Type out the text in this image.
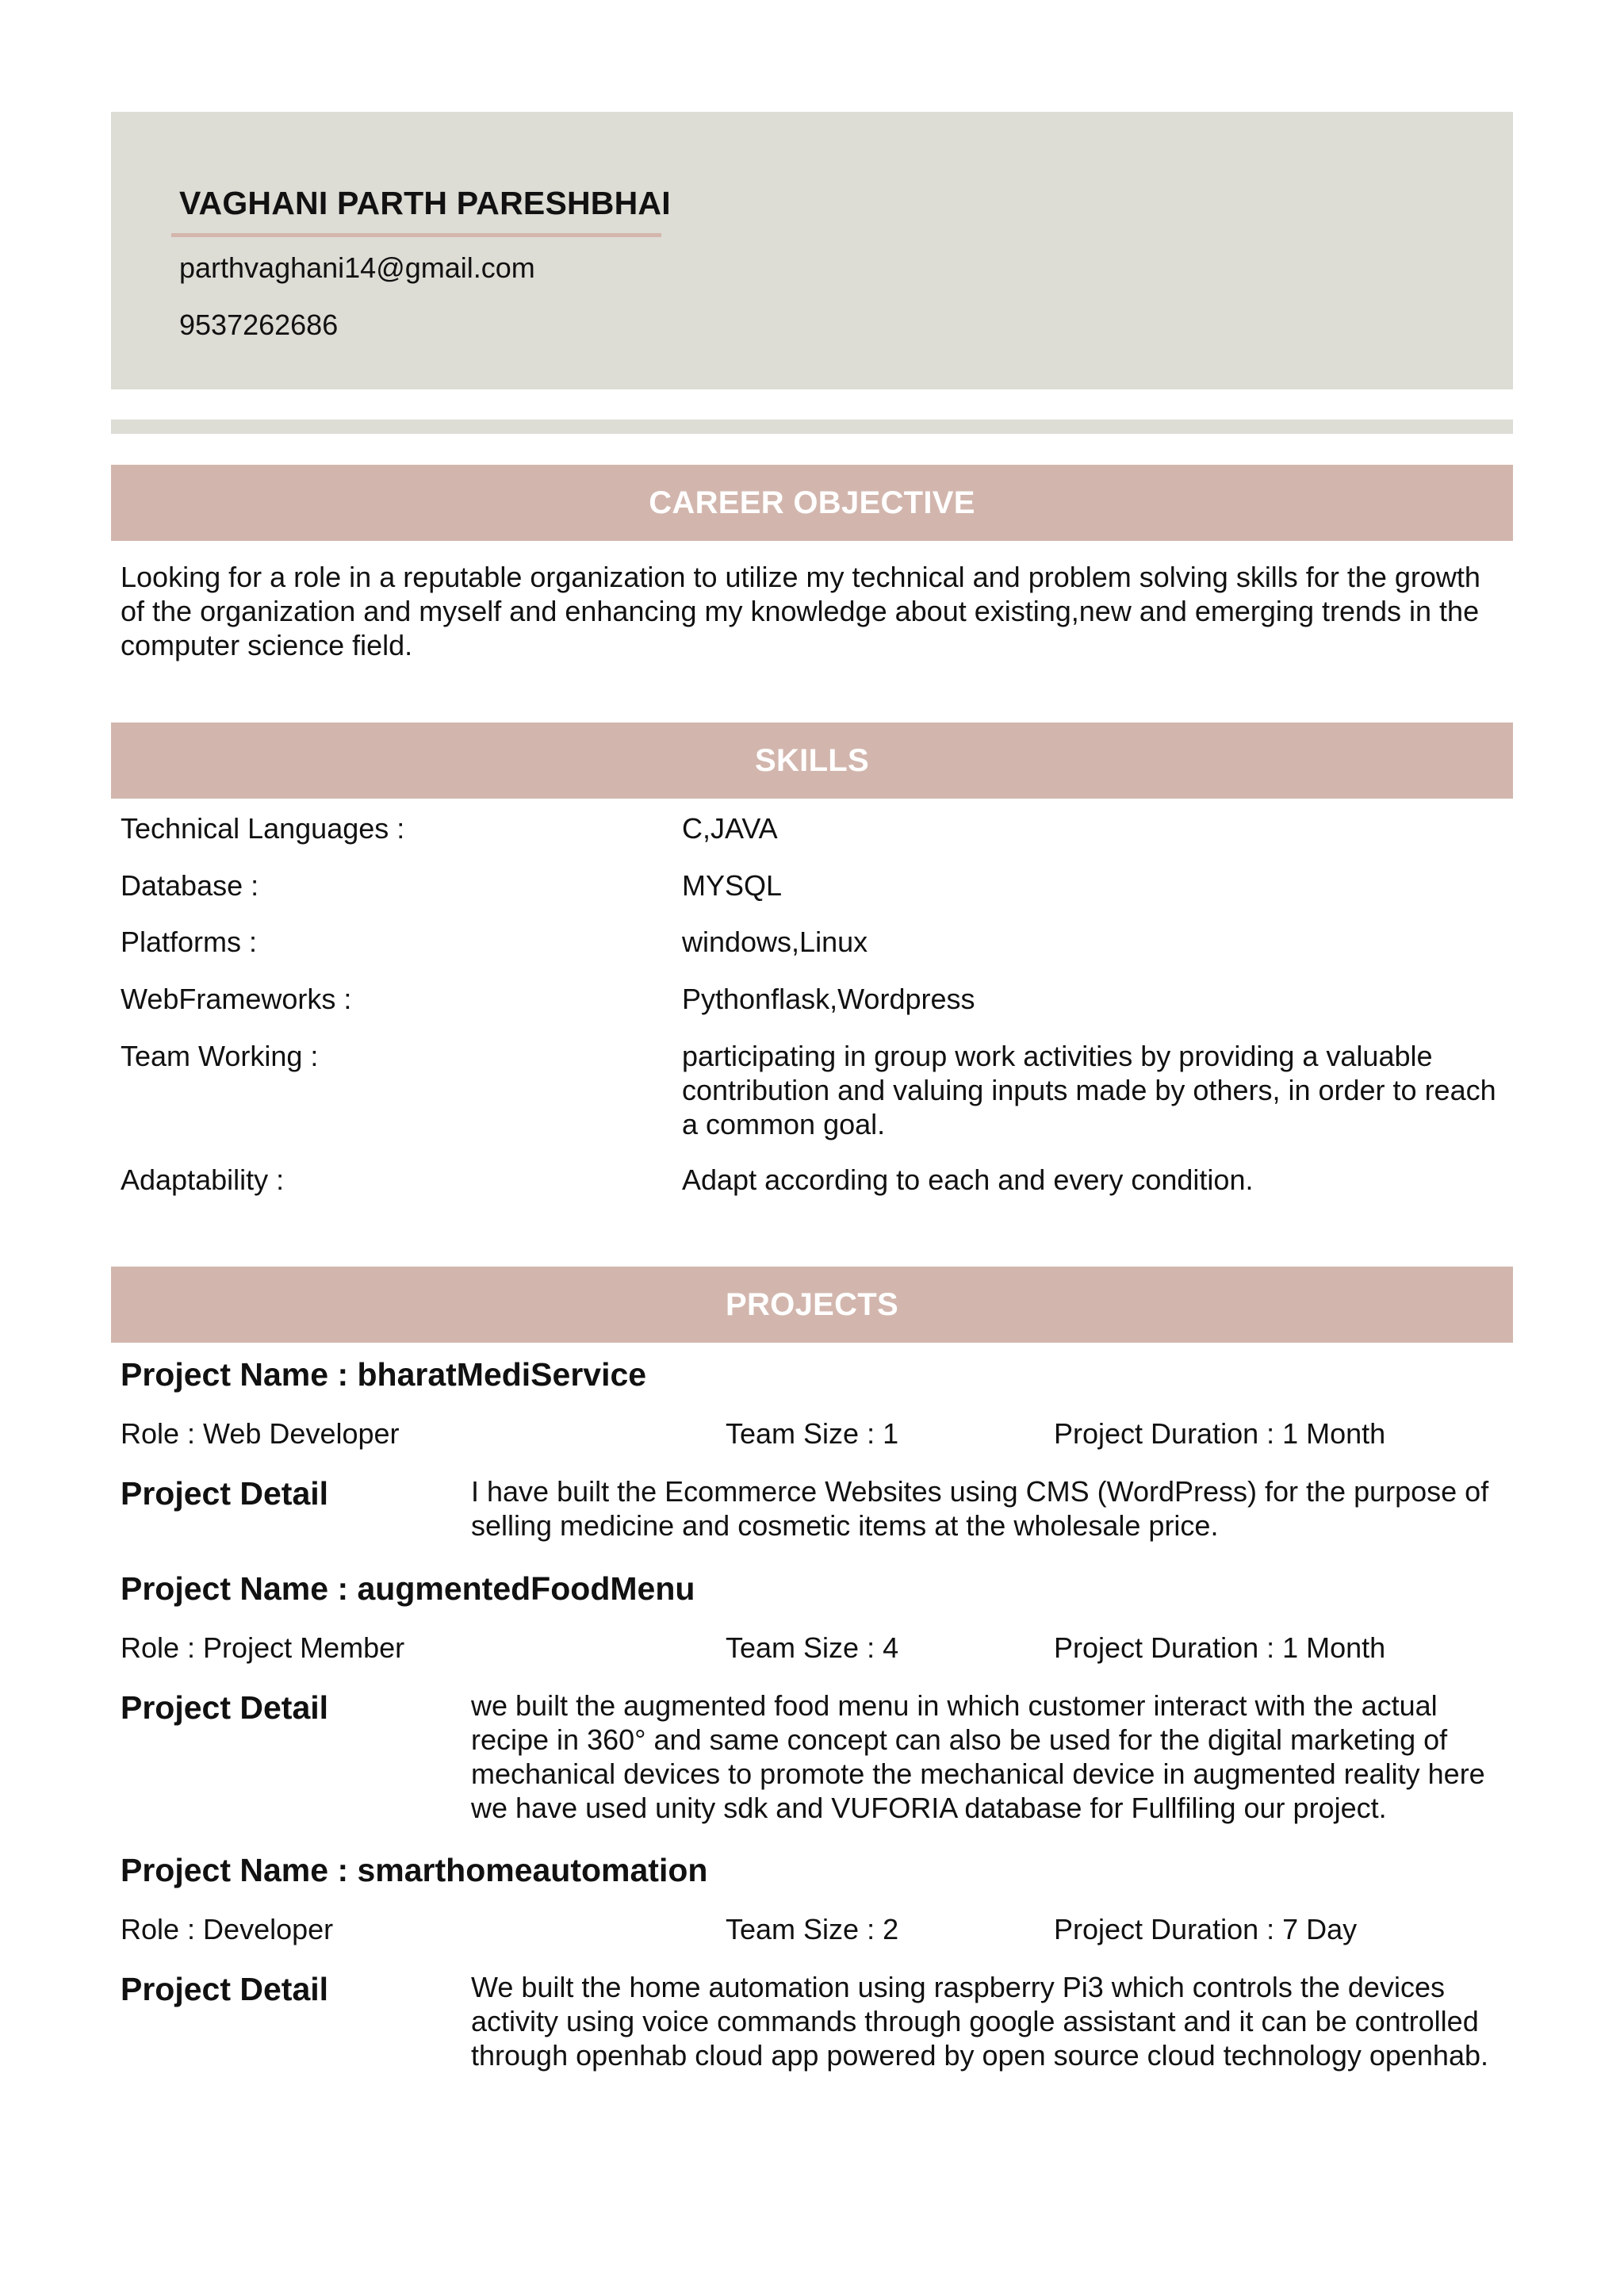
VAGHANI PARTH PARESHBHAI
parthvaghani14@gmail.com
9537262686
CAREER OBJECTIVE
Looking for a role in a reputable organization to utilize my technical and problem solving skills for the growth of the organization and myself and enhancing my knowledge about existing,new and emerging trends in the computer science field.
SKILLS
Technical Languages :	C,JAVA
Database :	MYSQL
Platforms :	windows,Linux
WebFrameworks :	Pythonflask,Wordpress
Team Working :	participating in group work activities by providing a valuable contribution and valuing inputs made by others, in order to reach a common goal.
Adaptability :	Adapt according to each and every condition.
PROJECTS
Project Name : bharatMediService
Role : Web Developer	Team Size : 1	Project Duration : 1 Month
Project Detail	I have built the Ecommerce Websites using CMS (WordPress) for the purpose of selling medicine and cosmetic items at the wholesale price.
Project Name : augmentedFoodMenu
Role : Project Member	Team Size : 4	Project Duration : 1 Month
Project Detail	we built the augmented food menu in which customer interact with the actual recipe in 360° and same concept can also be used for the digital marketing of mechanical devices to promote the mechanical device in augmented reality here we have used unity sdk and VUFORIA database for Fullfiling our project.
Project Name : smarthomeautomation
Role : Developer	Team Size : 2	Project Duration : 7 Day
Project Detail	We built the home automation using raspberry Pi3 which controls the devices activity using voice commands through google assistant and it can be controlled through openhab cloud app powered by open source cloud technology openhab.
